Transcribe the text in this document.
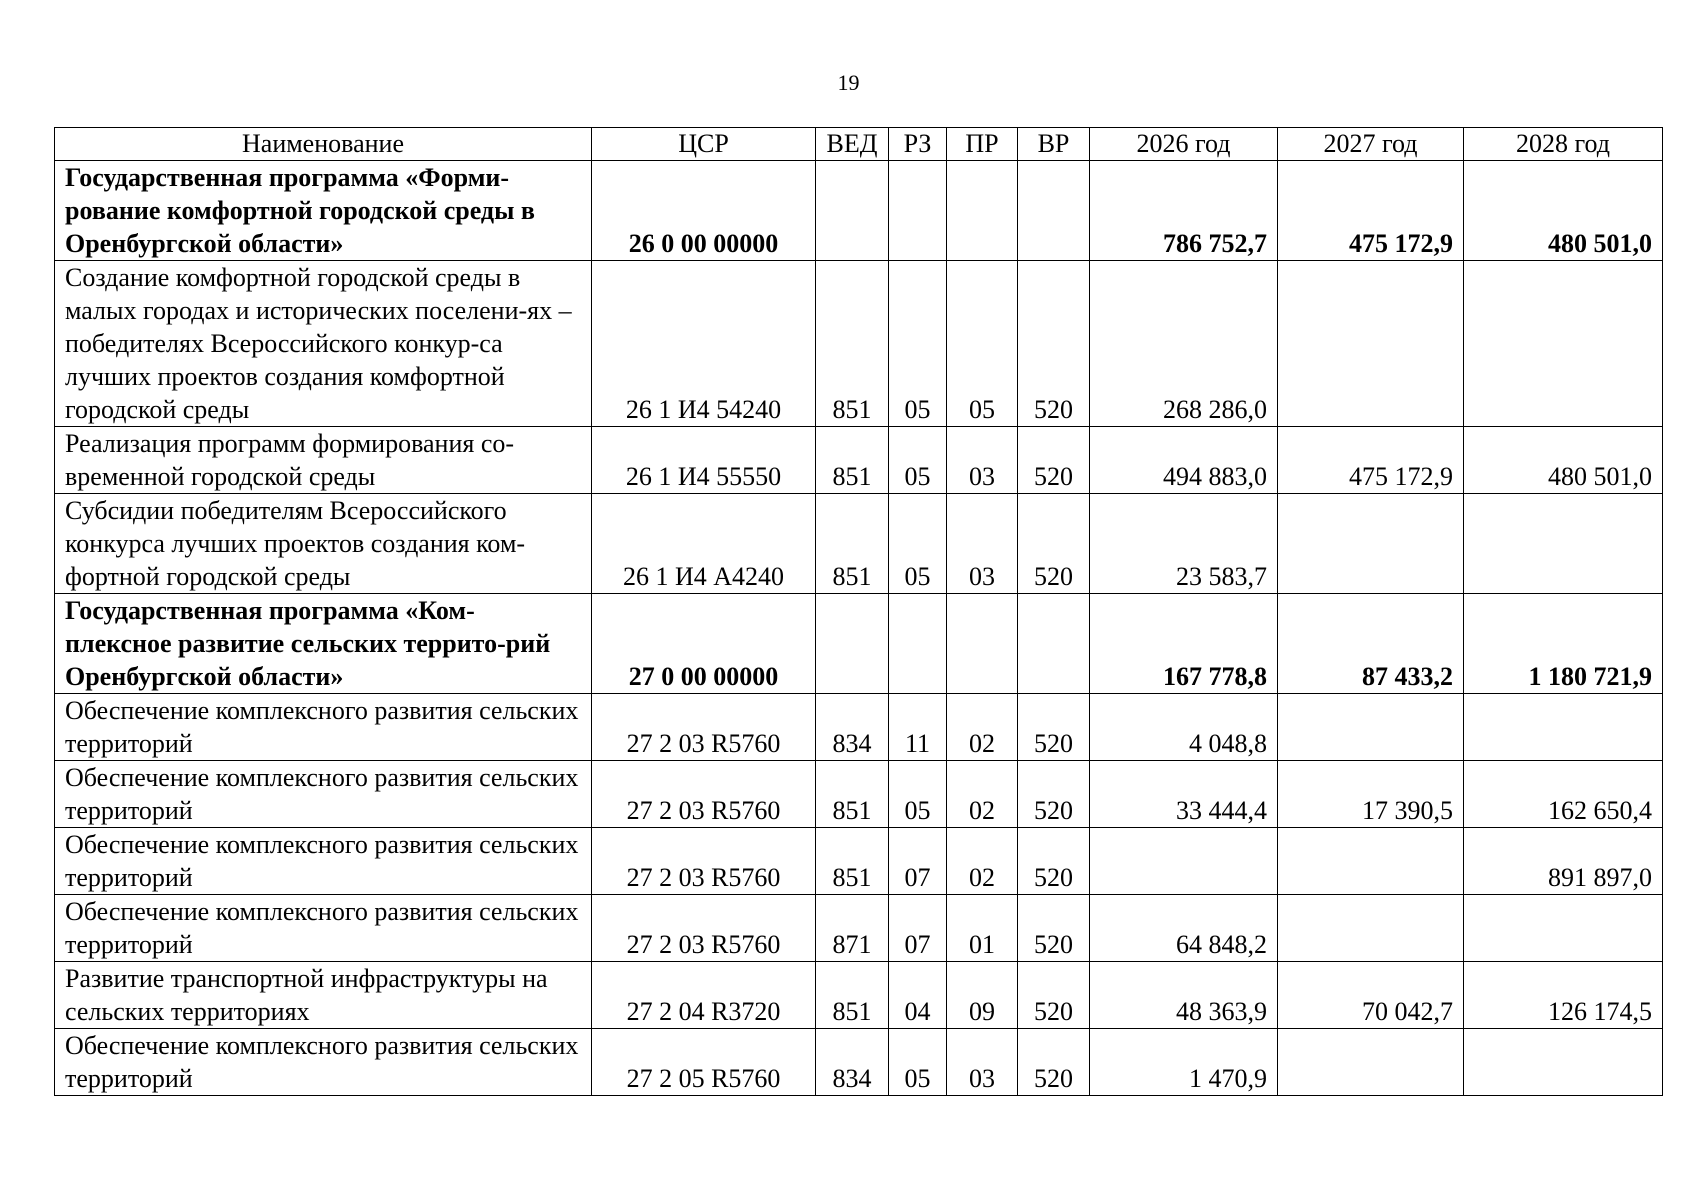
19
Наименование	ЦСР	ВЕД	РЗ	ПР	ВР	2026 год	2027 год	2028 год
Государственная программа «Форми-рование комфортной городской среды в Оренбургской области»	26 0 00 00000					786 752,7	475 172,9	480 501,0
Создание комфортной городской среды в малых городах и исторических поселени-ях – победителях Всероссийского конкур-са лучших проектов создания комфортной городской среды	26 1 И4 54240	851	05	05	520	268 286,0		
Реализация программ формирования со-временной городской среды	26 1 И4 55550	851	05	03	520	494 883,0	475 172,9	480 501,0
Субсидии победителям Всероссийского конкурса лучших проектов создания ком-фортной городской среды	26 1 И4 А4240	851	05	03	520	23 583,7		
Государственная программа «Ком-плексное развитие сельских террито-рий Оренбургской области»	27 0 00 00000					167 778,8	87 433,2	1 180 721,9
Обеспечение комплексного развития сельских территорий	27 2 03 R5760	834	11	02	520	4 048,8		
Обеспечение комплексного развития сельских территорий	27 2 03 R5760	851	05	02	520	33 444,4	17 390,5	162 650,4
Обеспечение комплексного развития сельских территорий	27 2 03 R5760	851	07	02	520			891 897,0
Обеспечение комплексного развития сельских территорий	27 2 03 R5760	871	07	01	520	64 848,2		
Развитие транспортной инфраструктуры на сельских территориях	27 2 04 R3720	851	04	09	520	48 363,9	70 042,7	126 174,5
Обеспечение комплексного развития сельских территорий	27 2 05 R5760	834	05	03	520	1 470,9		
